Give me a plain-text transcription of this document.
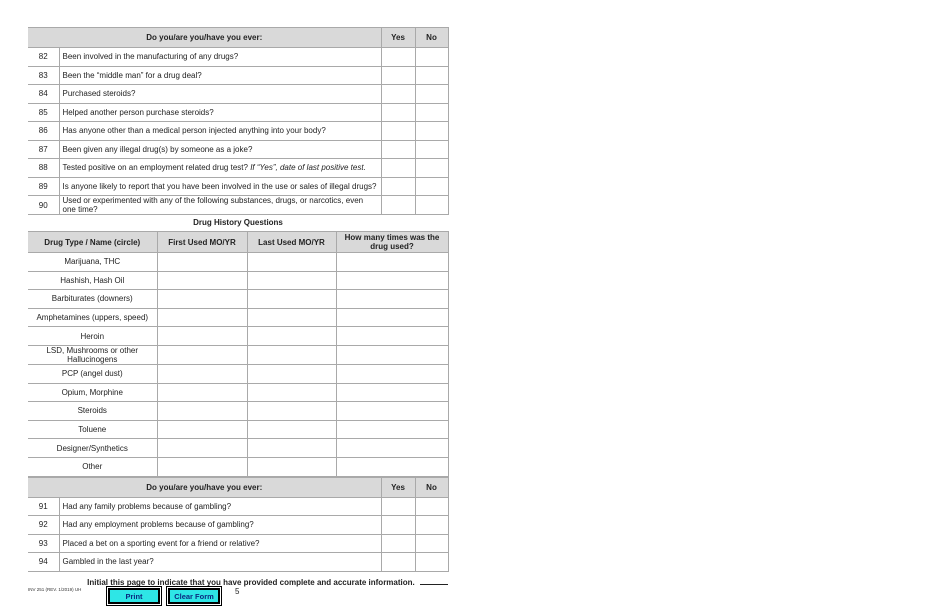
Do you/are you/have you ever:		Yes	No
82	Been involved in the manufacturing of any drugs?		
83	Been the “middle man” for a drug deal?		
84	Purchased steroids?		
85	Helped another person purchase steroids?		
86	Has anyone other than a medical person injected anything into your body?		
87	Been given any illegal drug(s) by someone as a joke?		
88	Tested positive on an employment related drug test? If “Yes”, date of last positive test.		
89	Is anyone likely to report that you have been involved in the use or sales of illegal drugs?		
90	Used or experimented with any of the following substances, drugs, or narcotics, even one time?		
Drug History Questions
Drug Type / Name (circle)	First Used MO/YR	Last Used MO/YR	How many times was the drug used?
Marijuana, THC			
Hashish, Hash Oil			
Barbiturates (downers)			
Amphetamines (uppers, speed)			
Heroin			
LSD, Mushrooms or other Hallucinogens			
PCP (angel dust)			
Opium, Morphine			
Steroids			
Toluene			
Designer/Synthetics			
Other			
Do you/are you/have you ever:		Yes	No
91	Had any family problems because of gambling?		
92	Had any employment problems because of gambling?		
93	Placed a bet on a sporting event for a friend or relative?		
94	Gambled in the last year?		
Initial this page to indicate that you have provided complete and accurate information.
INV 251 (REV. 1/2019) UH
Print	Clear Form	5
